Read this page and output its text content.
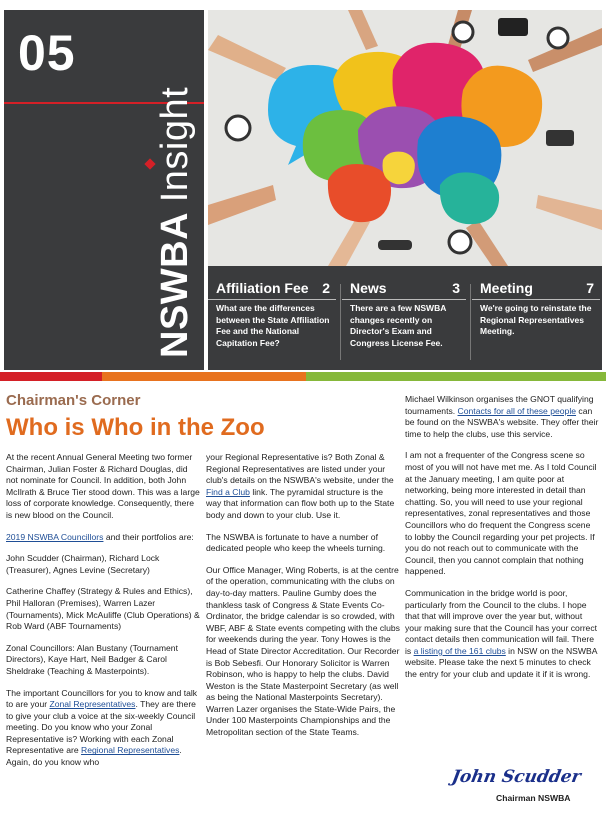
05
NSWBA Insight
Affiliation Fee 2
What are the differences between the State Affiliation Fee and the National Capitation Fee?
News	3
There are a few NSWBA changes recently on Director's Exam and Congress License Fee.
Meeting	7
We're going to reinstate the Regional Representatives Meeting.
Chairman's Corner
Who is Who in the Zoo

At the recent Annual General Meeting two former Chairman, Julian Foster & Richard Douglas, did not nominate for Council. In addition, both John McIlrath & Bruce Tier stood down. This was a large loss of corporate knowledge. Consequently, there is new blood on the Council.

2019 NSWBA Councillors and their portfolios are:

John Scudder (Chairman), Richard Lock (Treasurer), Agnes Levine (Secretary)

Catherine Chaffey (Strategy & Rules and Ethics), Phil Halloran (Premises), Warren Lazer (Tournaments), Mick McAuliffe (Club Operations) & Rob Ward (ABF Tournaments)

Zonal Councillors: Alan Bustany (Tournament Directors), Kaye Hart, Neil Badger & Carol Sheldrake (Teaching & Masterpoints).

The important Councillors for you to know and talk to are your Zonal Representatives. They are there to give your club a voice at the six-weekly Council meeting. Do you know who your Zonal Representative is? Working with each Zonal Representative are Regional Representatives. Again, do you know who

your Regional Representative is? Both Zonal & Regional Representatives are listed under your club's details on the NSWBA's website, under the Find a Club link. The pyramidal structure is the way that information can flow both up to the State body and down to your club. Use it.

The NSWBA is fortunate to have a number of dedicated people who keep the wheels turning.

Our Office Manager, Wing Roberts, is at the centre of the operation, communicating with the clubs on day-to-day matters. Pauline Gumby does the thankless task of Congress & State Events Co-Ordinator, the bridge calendar is so crowded, with WBF, ABF & State events competing with the clubs for weekends during the year. Tony Howes is the Head of State Director Accreditation. Our Recorder is Bob Sebesfi. Our Honorary Solicitor is Warren Robinson, who is happy to help the clubs. David Weston is the State Masterpoint Secretary (as well as being the National Masterpoints Secretary). Warren Lazer organises the State-Wide Pairs, the Under 100 Masterpoints Championships and the Metropolitan section of the State Teams.

Michael Wilkinson organises the GNOT qualifying tournaments. Contacts for all of these people can be found on the NSWBA's website. They offer their time to help the clubs, use this service.

I am not a frequenter of the Congress scene so most of you will not have met me. As I told Council at the January meeting, I am quite poor at networking, being more interested in detail than chatting. So, you will need to use your regional representatives, zonal representatives and those Councillors who do frequent the Congress scene to lobby the Council regarding your pet projects. If you do not reach out to communicate with the Council, then you cannot complain that nothing happened.

Communication in the bridge world is poor, particularly from the Council to the clubs. I hope that that will improve over the year but, without your making sure that the Council has your correct contact details then communication will fail. There is a listing of the 161 clubs in NSW on the NSWBA website. Please take the next 5 minutes to check the entry for your club and update it if it is wrong.

John Scudder
Chairman NSWBA
